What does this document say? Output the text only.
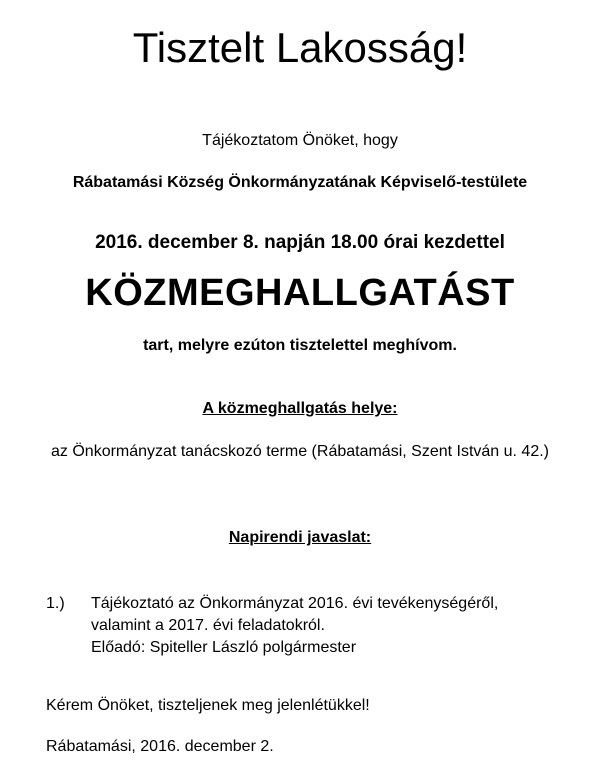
Tisztelt Lakosság!
Tájékoztatom Önöket, hogy
Rábatamási Község Önkormányzatának Képviselő-testülete
2016. december 8. napján 18.00 órai kezdettel
KÖZMEGHALLGATÁST
tart, melyre ezúton tisztelettel meghívom.
A közmeghallgatás helye:
az Önkormányzat tanácskozó terme (Rábatamási, Szent István u. 42.)
Napirendi javaslat:
1.) Tájékoztató az Önkormányzat 2016. évi tevékenységéről,
valamint a 2017. évi feladatokról.
Előadó: Spiteller László polgármester
Kérem Önöket, tiszteljenek meg jelenlétükkel!
Rábatamási, 2016. december 2.
